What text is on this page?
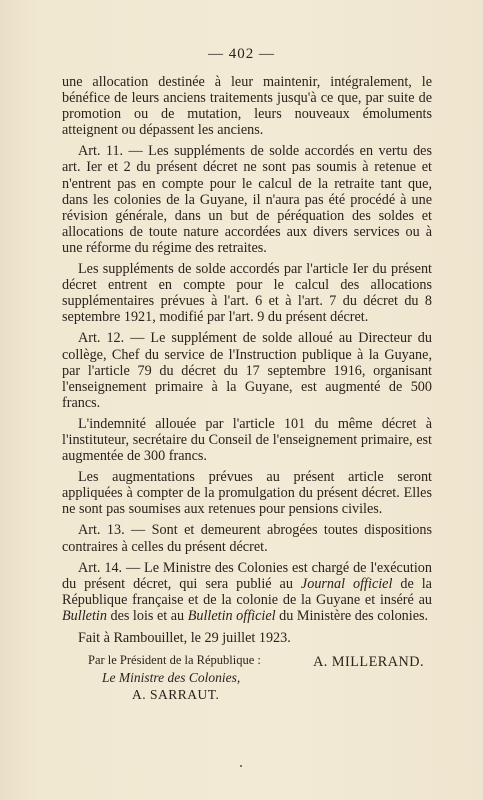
— 402 —

une allocation destinée à leur maintenir, intégralement, le bénéfice de leurs anciens traitements jusqu'à ce que, par suite de promotion ou de mutation, leurs nouveaux émoluments atteignent ou dépassent les anciens.

Art. 11. — Les suppléments de solde accordés en vertu des art. Ier et 2 du présent décret ne sont pas soumis à retenue et n'entrent pas en compte pour le calcul de la retraite tant que, dans les colonies de la Guyane, il n'aura pas été procédé à une révision générale, dans un but de péréquation des soldes et allocations de toute nature accordées aux divers services ou à une réforme du régime des retraites.

Les suppléments de solde accordés par l'article Ier du présent décret entrent en compte pour le calcul des allocations supplémentaires prévues à l'art. 6 et à l'art. 7 du décret du 8 septembre 1921, modifié par l'art. 9 du présent décret.

Art. 12. — Le supplément de solde alloué au Directeur du collège, Chef du service de l'Instruction publique à la Guyane, par l'article 79 du décret du 17 septembre 1916, organisant l'enseignement primaire à la Guyane, est augmenté de 500 francs.

L'indemnité allouée par l'article 101 du même décret à l'instituteur, secrétaire du Conseil de l'enseignement primaire, est augmentée de 300 francs.

Les augmentations prévues au présent article seront appliquées à compter de la promulgation du présent décret. Elles ne sont pas soumises aux retenues pour pensions civiles.

Art. 13. — Sont et demeurent abrogées toutes dispositions contraires à celles du présent décret.

Art. 14. — Le Ministre des Colonies est chargé de l'exécution du présent décret, qui sera publié au Journal officiel de la République française et de la colonie de la Guyane et inséré au Bulletin des lois et au Bulletin officiel du Ministère des colonies.

Fait à Rambouillet, le 29 juillet 1923.

A. MILLERAND.

Par le Président de la République :

Le Ministre des Colonies,

A. SARRAUT.
